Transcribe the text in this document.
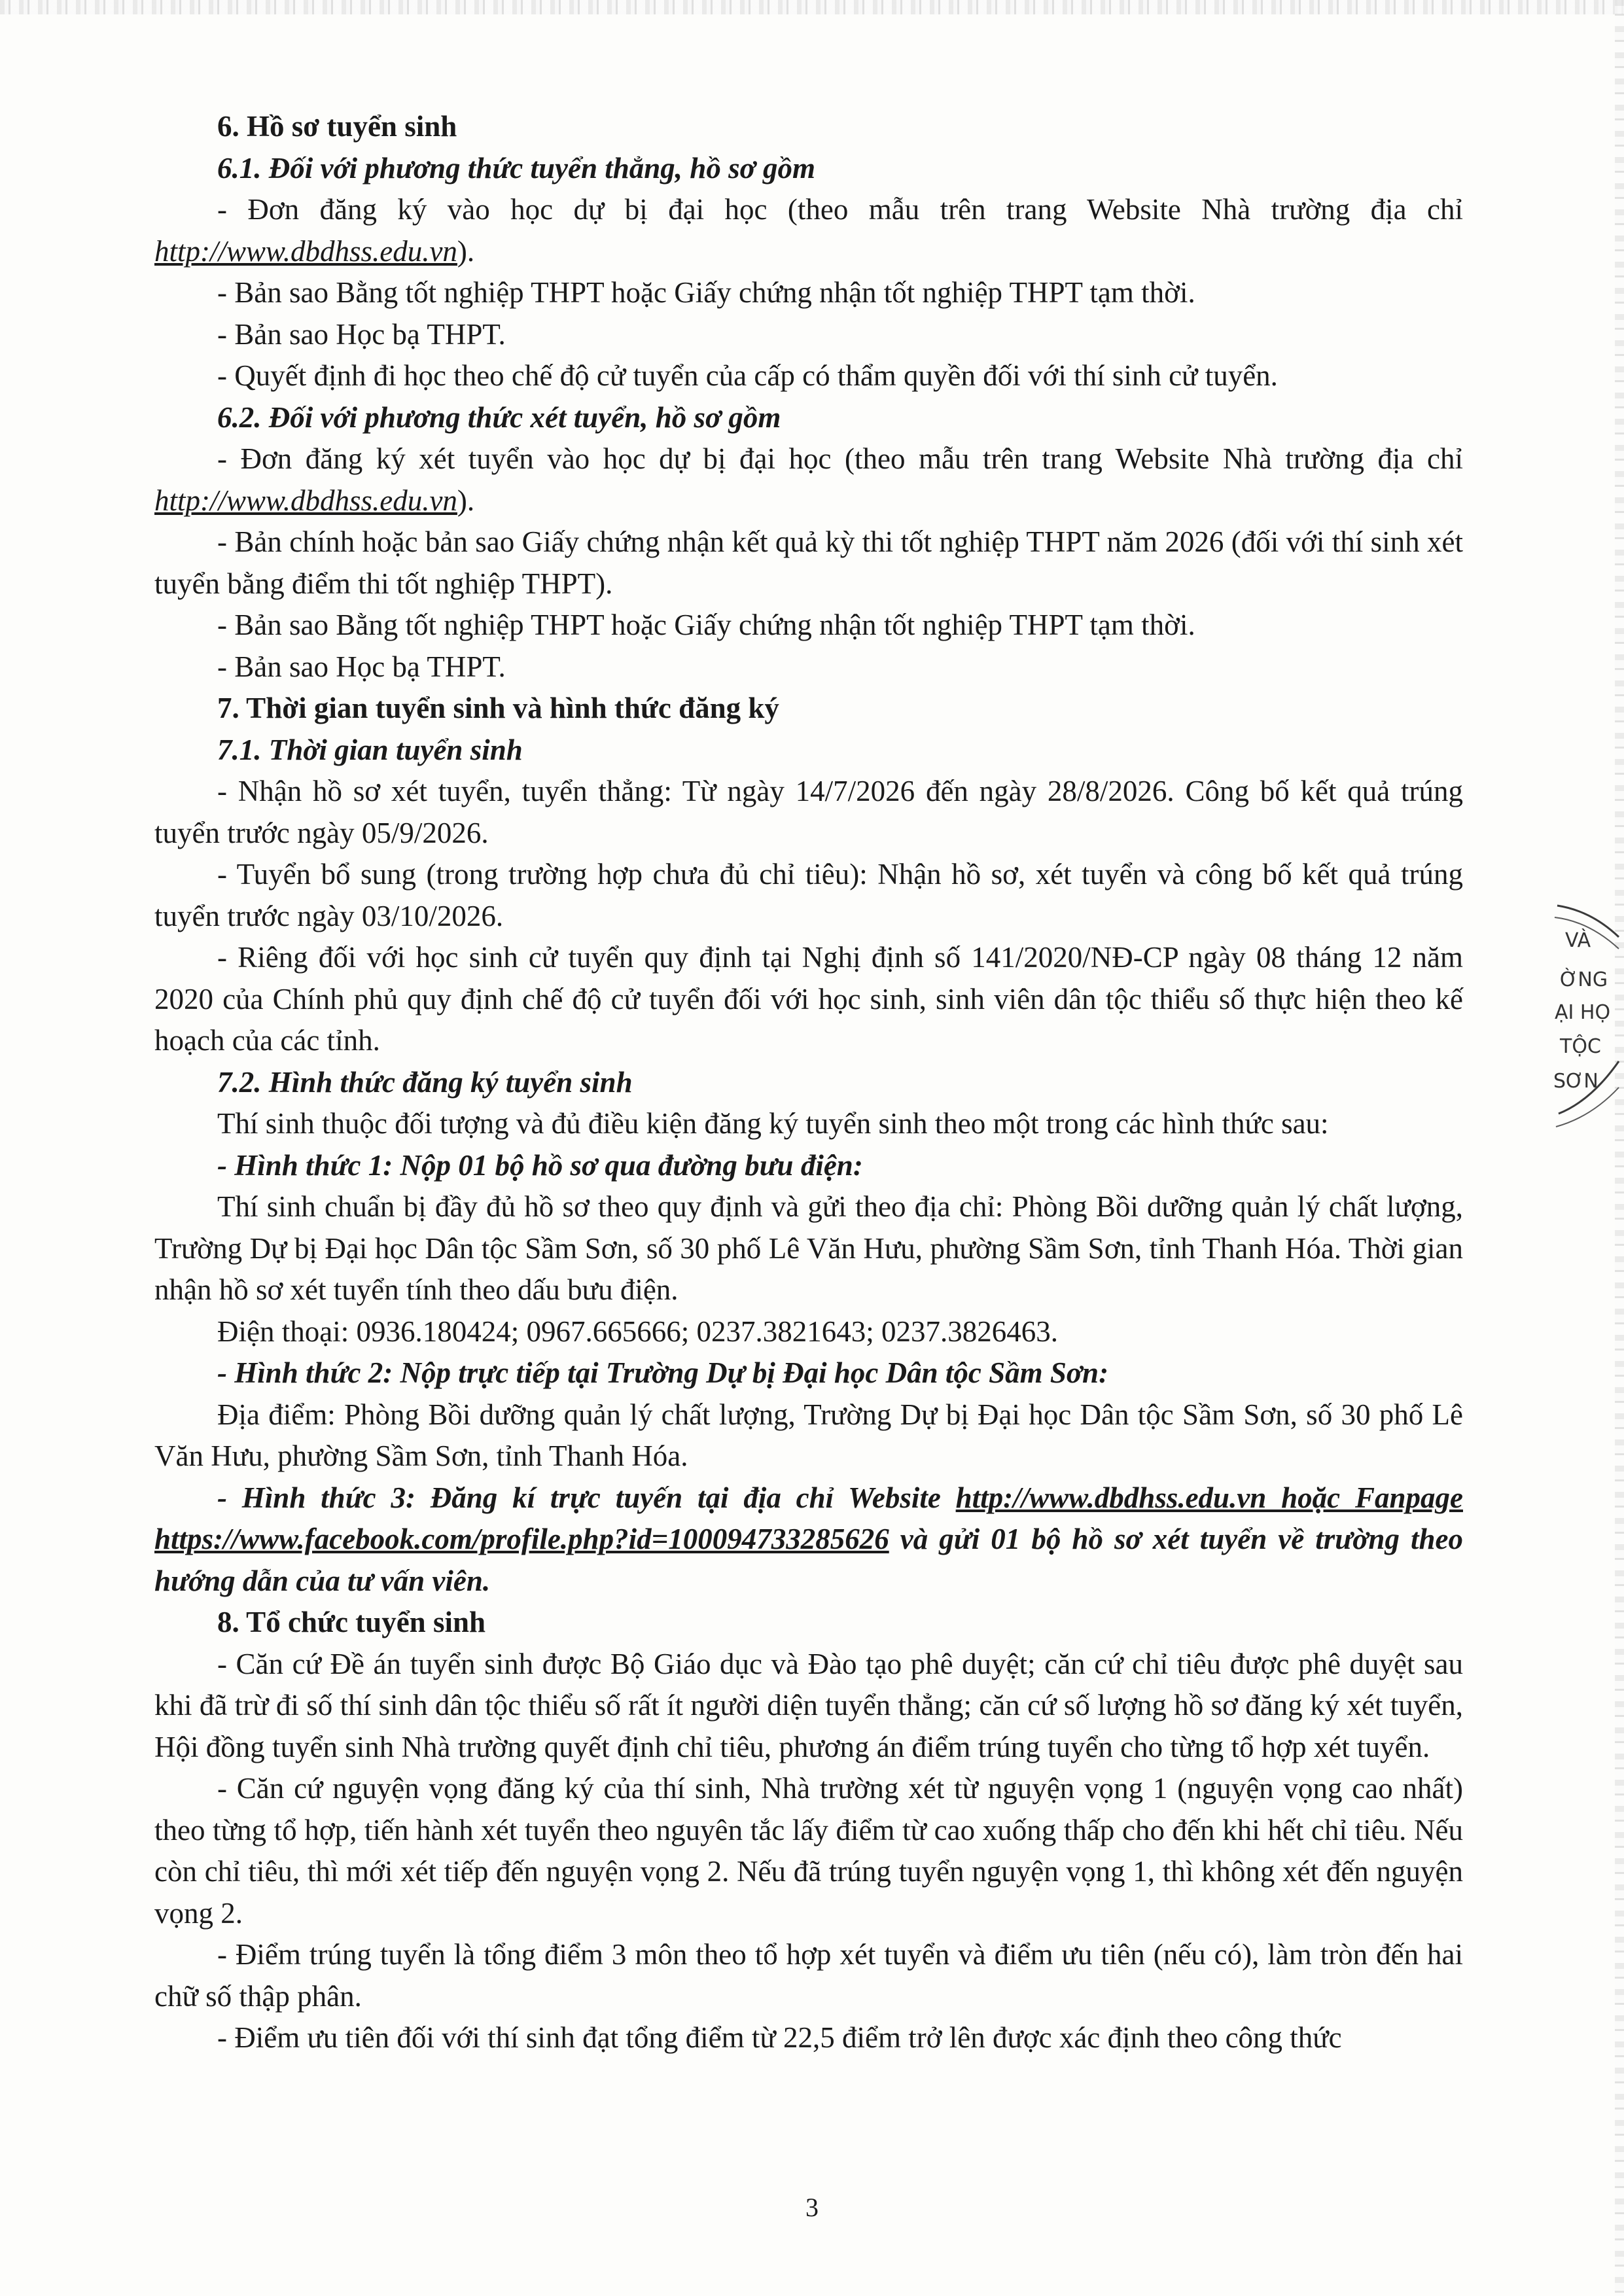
6. Hồ sơ tuyển sinh

6.1. Đối với phương thức tuyển thẳng, hồ sơ gồm

- Đơn đăng ký vào học dự bị đại học (theo mẫu trên trang Website Nhà trường địa chỉ http://www.dbdhss.edu.vn).

- Bản sao Bằng tốt nghiệp THPT hoặc Giấy chứng nhận tốt nghiệp THPT tạm thời.

- Bản sao Học bạ THPT.

- Quyết định đi học theo chế độ cử tuyển của cấp có thẩm quyền đối với thí sinh cử tuyển.

6.2. Đối với phương thức xét tuyển, hồ sơ gồm

- Đơn đăng ký xét tuyển vào học dự bị đại học (theo mẫu trên trang Website Nhà trường địa chỉ http://www.dbdhss.edu.vn).

- Bản chính hoặc bản sao Giấy chứng nhận kết quả kỳ thi tốt nghiệp THPT năm 2026 (đối với thí sinh xét tuyển bằng điểm thi tốt nghiệp THPT).

- Bản sao Bằng tốt nghiệp THPT hoặc Giấy chứng nhận tốt nghiệp THPT tạm thời.

- Bản sao Học bạ THPT.

7. Thời gian tuyển sinh và hình thức đăng ký

7.1. Thời gian tuyển sinh

- Nhận hồ sơ xét tuyển, tuyển thẳng: Từ ngày 14/7/2026 đến ngày 28/8/2026. Công bố kết quả trúng tuyển trước ngày 05/9/2026.

- Tuyển bổ sung (trong trường hợp chưa đủ chỉ tiêu): Nhận hồ sơ, xét tuyển và công bố kết quả trúng tuyển trước ngày 03/10/2026.

- Riêng đối với học sinh cử tuyển quy định tại Nghị định số 141/2020/NĐ-CP ngày 08 tháng 12 năm 2020 của Chính phủ quy định chế độ cử tuyển đối với học sinh, sinh viên dân tộc thiểu số thực hiện theo kế hoạch của các tỉnh.

7.2. Hình thức đăng ký tuyển sinh

Thí sinh thuộc đối tượng và đủ điều kiện đăng ký tuyển sinh theo một trong các hình thức sau:

- Hình thức 1: Nộp 01 bộ hồ sơ qua đường bưu điện:

Thí sinh chuẩn bị đầy đủ hồ sơ theo quy định và gửi theo địa chỉ: Phòng Bồi dưỡng quản lý chất lượng, Trường Dự bị Đại học Dân tộc Sầm Sơn, số 30 phố Lê Văn Hưu, phường Sầm Sơn, tỉnh Thanh Hóa. Thời gian nhận hồ sơ xét tuyển tính theo dấu bưu điện.

Điện thoại: 0936.180424; 0967.665666; 0237.3821643; 0237.3826463.

- Hình thức 2: Nộp trực tiếp tại Trường Dự bị Đại học Dân tộc Sầm Sơn:

Địa điểm: Phòng Bồi dưỡng quản lý chất lượng, Trường Dự bị Đại học Dân tộc Sầm Sơn, số 30 phố Lê Văn Hưu, phường Sầm Sơn, tỉnh Thanh Hóa.

- Hình thức 3: Đăng kí trực tuyến tại địa chỉ Website http://www.dbdhss.edu.vn hoặc Fanpage https://www.facebook.com/profile.php?id=100094733285626 và gửi 01 bộ hồ sơ xét tuyển về trường theo hướng dẫn của tư vấn viên.

8. Tổ chức tuyển sinh

- Căn cứ Đề án tuyển sinh được Bộ Giáo dục và Đào tạo phê duyệt; căn cứ chỉ tiêu được phê duyệt sau khi đã trừ đi số thí sinh dân tộc thiểu số rất ít người diện tuyển thẳng; căn cứ số lượng hồ sơ đăng ký xét tuyển, Hội đồng tuyển sinh Nhà trường quyết định chỉ tiêu, phương án điểm trúng tuyển cho từng tổ hợp xét tuyển.

- Căn cứ nguyện vọng đăng ký của thí sinh, Nhà trường xét từ nguyện vọng 1 (nguyện vọng cao nhất) theo từng tổ hợp, tiến hành xét tuyển theo nguyên tắc lấy điểm từ cao xuống thấp cho đến khi hết chỉ tiêu. Nếu còn chỉ tiêu, thì mới xét tiếp đến nguyện vọng 2. Nếu đã trúng tuyển nguyện vọng 1, thì không xét đến nguyện vọng 2.

- Điểm trúng tuyển là tổng điểm 3 môn theo tổ hợp xét tuyển và điểm ưu tiên (nếu có), làm tròn đến hai chữ số thập phân.

- Điểm ưu tiên đối với thí sinh đạt tổng điểm từ 22,5 điểm trở lên được xác định theo công thức

VÀ
ỜNG
ẠI HỌ
TỘC
SƠN
3
